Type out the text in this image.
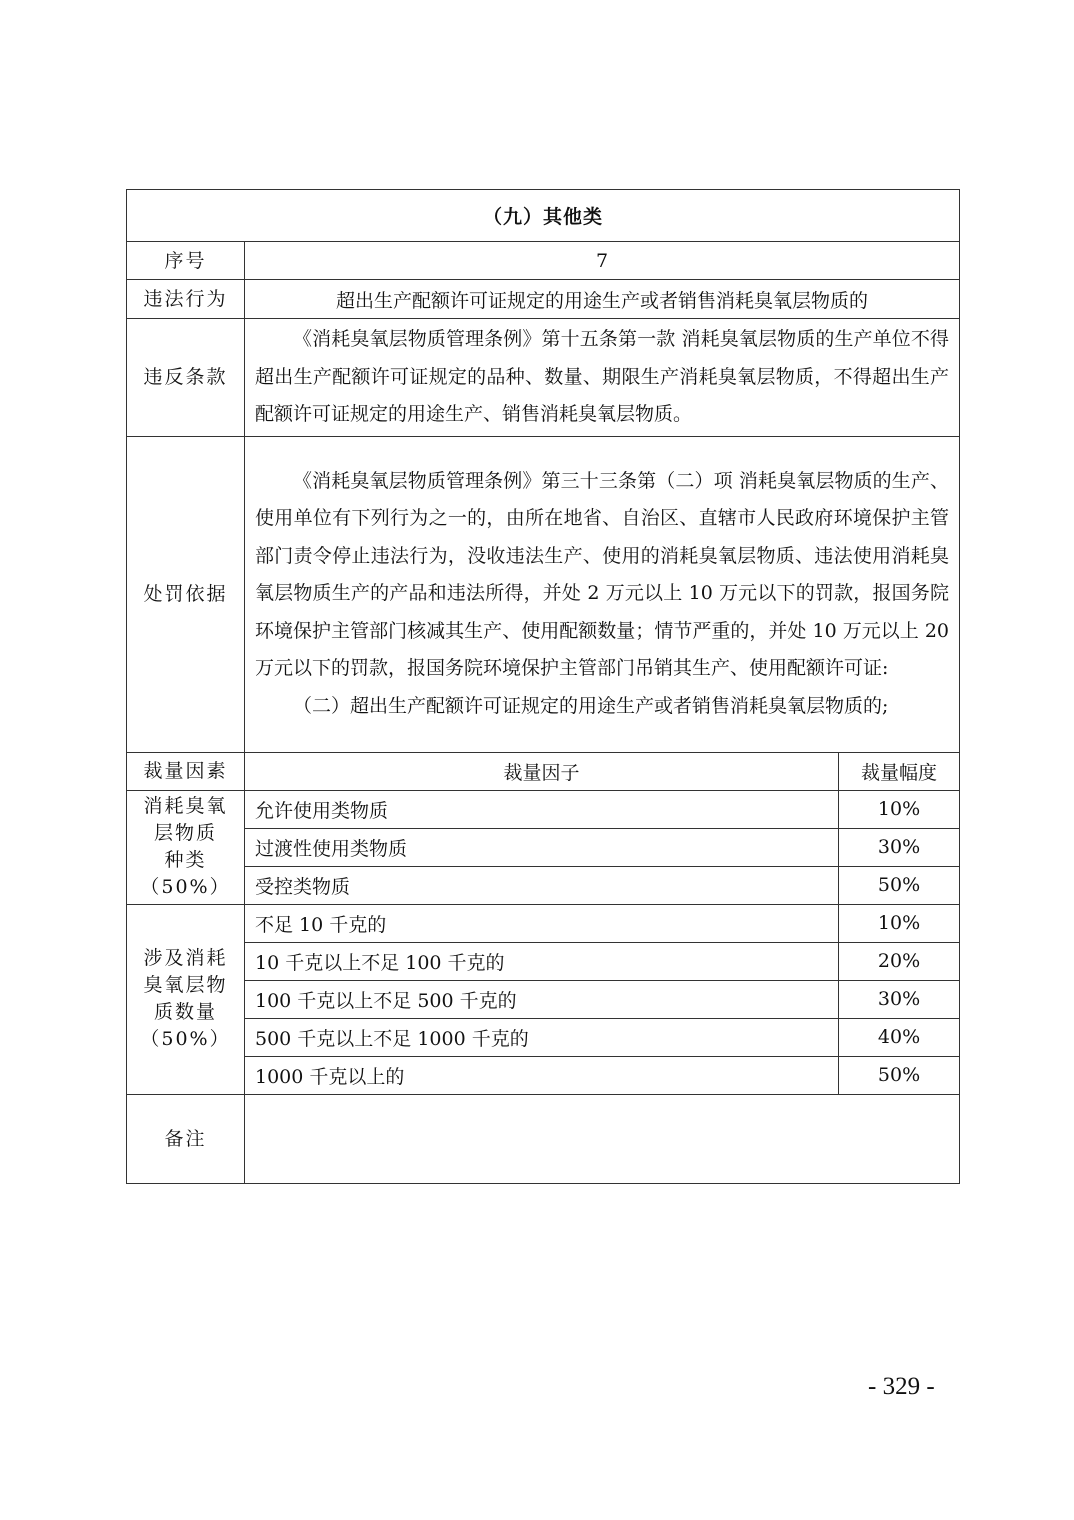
（九）其他类		
序号	7	
违法行为	超出生产配额许可证规定的用途生产或者销售消耗臭氧层物质的	
违反条款	《消耗臭氧层物质管理条例》第十五条第一款 消耗臭氧层物质的生产单位不得超出生产配额许可证规定的品种、数量、期限生产消耗臭氧层物质，不得超出生产配额许可证规定的用途生产、销售消耗臭氧层物质。	

处罚依据	《消耗臭氧层物质管理条例》第三十三条第（二）项 消耗臭氧层物质的生产、使用单位有下列行为之一的，由所在地省、自治区、直辖市人民政府环境保护主管部门责令停止违法行为，没收违法生产、使用的消耗臭氧层物质、违法使用消耗臭氧层物质生产的产品和违法所得，并处 2 万元以上 10 万元以下的罚款，报国务院环境保护主管部门核减其生产、使用配额数量；情节严重的，并处 10 万元以上 20 万元以下的罚款，报国务院环境保护主管部门吊销其生产、使用配额许可证:

（二）超出生产配额许可证规定的用途生产或者销售消耗臭氧层物质的;	

裁量因素	裁量因子	裁量幅度

消耗臭氧
层物质
种类
（50%）	允许使用类物质	10%
	过渡性使用类物质	30%
	受控类物质	50%

涉及消耗
臭氧层物
质数量
（50%）	不足 10 千克的	10%
	10 千克以上不足 100 千克的	20%
	100 千克以上不足 500 千克的	30%
	500 千克以上不足 1000 千克的	40%
	1000 千克以上的	50%
备注		
- 329 -
